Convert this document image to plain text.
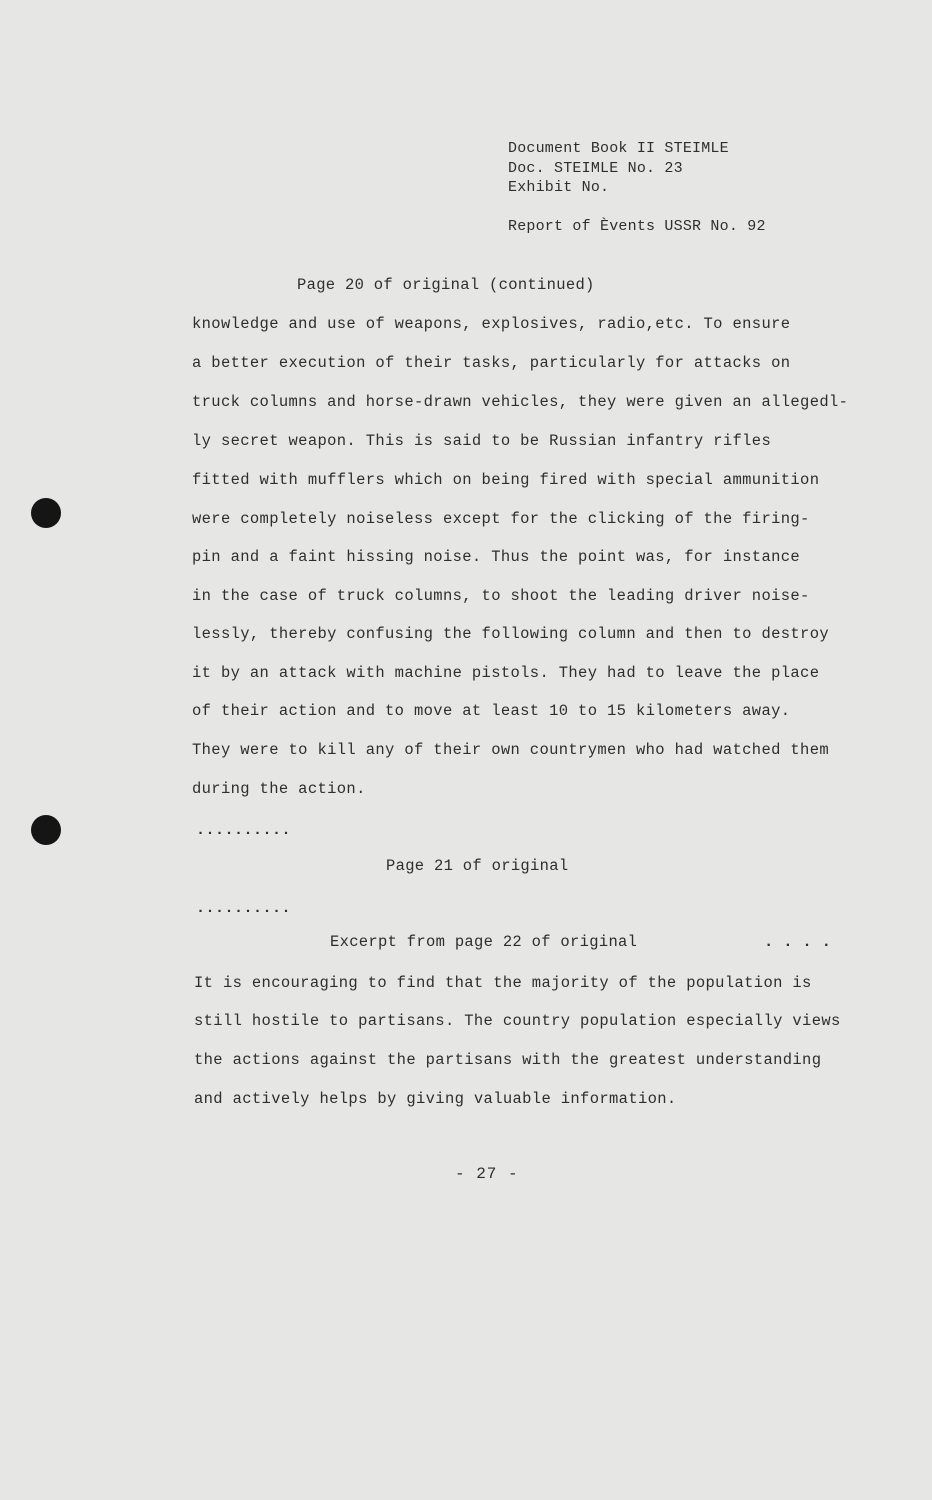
Document Book II STEIMLE
Doc. STEIMLE No. 23
Exhibit No.
Report of Èvents USSR No. 92
Page 20 of original (continued)
knowledge and use of weapons, explosives, radio,etc. To ensure
a better execution of their tasks, particularly for attacks on
truck columns and horse-drawn vehicles, they were given an allegedl-
ly secret weapon. This is said to be Russian infantry rifles
fitted with mufflers which on being fired with special ammunition
were completely noiseless except for the clicking of the firing-
pin and a faint hissing noise. Thus the point was, for instance
in the case of truck columns, to shoot the leading driver noise-
lessly, thereby confusing the following column and then to destroy
it by an attack with machine pistols. They had to leave the place
of their action and to move at least 10 to 15 kilometers away.
They were to kill any of their own countrymen who had watched them
during the action.
..........
Page 21 of original
..........
Excerpt from page 22 of original	. . . .
It is encouraging to find that the majority of the population is
still hostile to partisans. The country population especially views
the actions against the partisans with the greatest understanding
and actively helps by giving valuable information.
- 27 -
